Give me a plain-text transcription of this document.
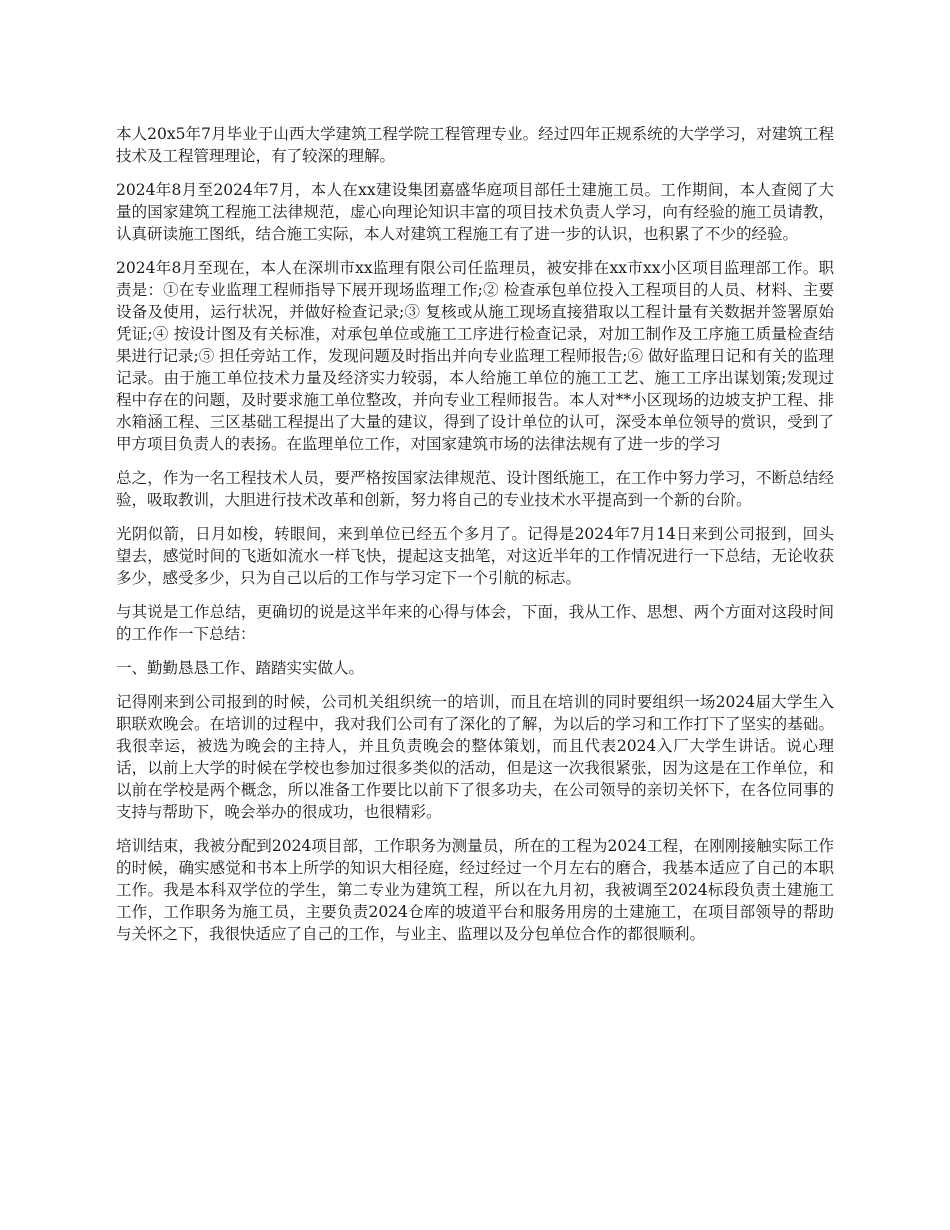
本人20x5年7月毕业于山西大学建筑工程学院工程管理专业。经过四年正规系统的大学学习，对建筑工程技术及工程管理理论，有了较深的理解。

2024年8月至2024年7月，本人在xx建设集团嘉盛华庭项目部任土建施工员。工作期间，本人查阅了大量的国家建筑工程施工法律规范，虚心向理论知识丰富的项目技术负责人学习，向有经验的施工员请教，认真研读施工图纸，结合施工实际，本人对建筑工程施工有了进一步的认识，也积累了不少的经验。

2024年8月至现在，本人在深圳市xx监理有限公司任监理员，被安排在xx市xx小区项目监理部工作。职责是：①在专业监理工程师指导下展开现场监理工作;② 检查承包单位投入工程项目的人员、材料、主要设备及使用，运行状况，并做好检查记录;③ 复核或从施工现场直接猎取以工程计量有关数据并签署原始凭证;④ 按设计图及有关标准，对承包单位或施工工序进行检查记录，对加工制作及工序施工质量检查结果进行记录;⑤ 担任旁站工作，发现问题及时指出并向专业监理工程师报告;⑥ 做好监理日记和有关的监理记录。由于施工单位技术力量及经济实力较弱，本人给施工单位的施工工艺、施工工序出谋划策;发现过程中存在的问题，及时要求施工单位整改，并向专业工程师报告。本人对**小区现场的边坡支护工程、排水箱涵工程、三区基础工程提出了大量的建议，得到了设计单位的认可，深受本单位领导的赏识，受到了甲方项目负责人的表扬。在监理单位工作，对国家建筑市场的法律法规有了进一步的学习

总之，作为一名工程技术人员，要严格按国家法律规范、设计图纸施工，在工作中努力学习，不断总结经验，吸取教训，大胆进行技术改革和创新，努力将自己的专业技术水平提高到一个新的台阶。

光阴似箭，日月如梭，转眼间，来到单位已经五个多月了。记得是2024年7月14日来到公司报到，回头望去，感觉时间的飞逝如流水一样飞快，提起这支拙笔，对这近半年的工作情况进行一下总结，无论收获多少，感受多少，只为自己以后的工作与学习定下一个引航的标志。

与其说是工作总结，更确切的说是这半年来的心得与体会，下面，我从工作、思想、两个方面对这段时间的工作作一下总结：

一、勤勤恳恳工作、踏踏实实做人。

记得刚来到公司报到的时候，公司机关组织统一的培训，而且在培训的同时要组织一场2024届大学生入职联欢晚会。在培训的过程中，我对我们公司有了深化的了解，为以后的学习和工作打下了坚实的基础。我很幸运，被选为晚会的主持人，并且负责晚会的整体策划，而且代表2024入厂大学生讲话。说心理话，以前上大学的时候在学校也参加过很多类似的活动，但是这一次我很紧张，因为这是在工作单位，和以前在学校是两个概念，所以准备工作要比以前下了很多功夫，在公司领导的亲切关怀下，在各位同事的支持与帮助下，晚会举办的很成功，也很精彩。

培训结束，我被分配到2024项目部，工作职务为测量员，所在的工程为2024工程，在刚刚接触实际工作的时候，确实感觉和书本上所学的知识大相径庭，经过经过一个月左右的磨合，我基本适应了自己的本职工作。我是本科双学位的学生，第二专业为建筑工程，所以在九月初，我被调至2024标段负责土建施工工作，工作职务为施工员，主要负责2024仓库的坡道平台和服务用房的土建施工，在项目部领导的帮助与关怀之下，我很快适应了自己的工作，与业主、监理以及分包单位合作的都很顺利。
